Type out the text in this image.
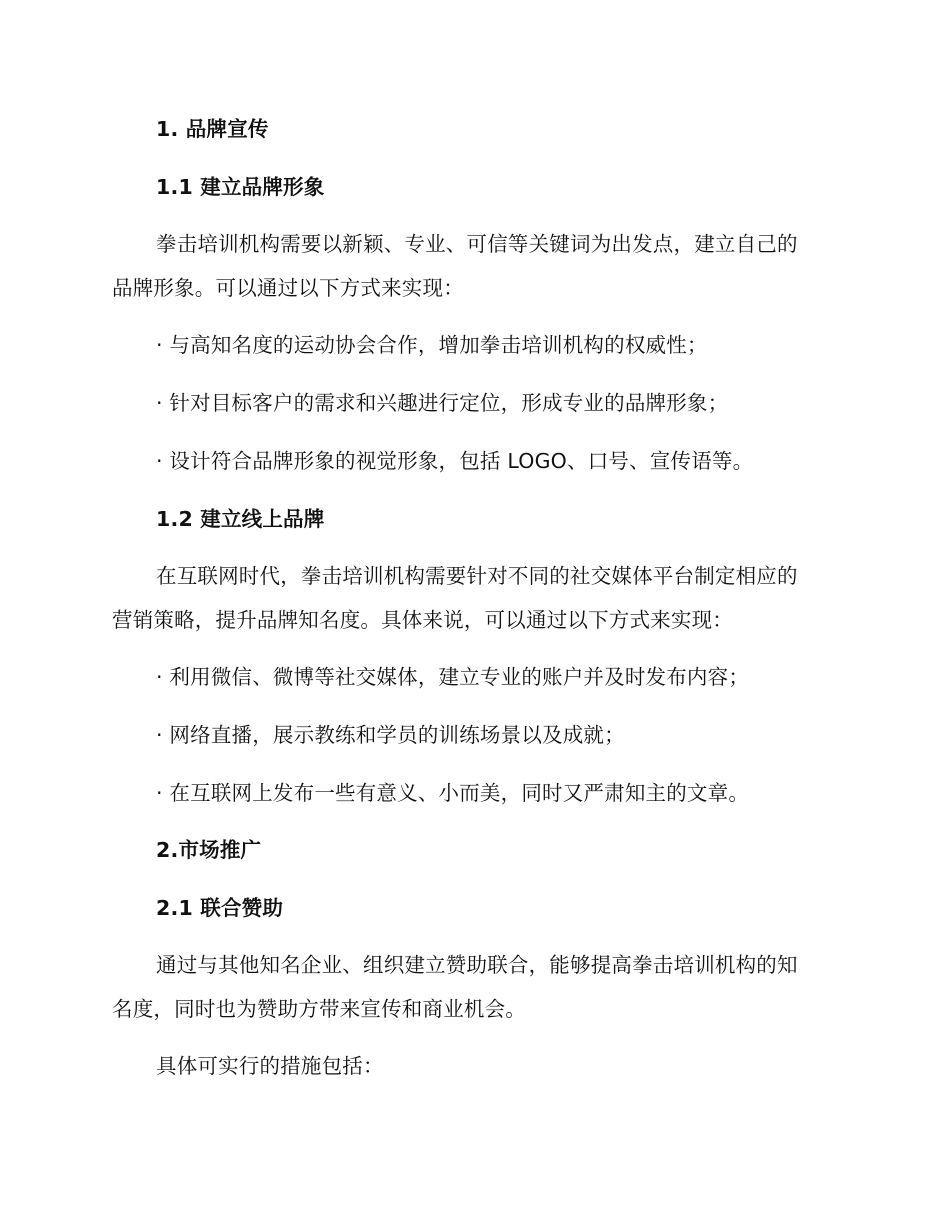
1. 品牌宣传
1.1 建立品牌形象
拳击培训机构需要以新颖、专业、可信等关键词为出发点，建立自己的
品牌形象。可以通过以下方式来实现：
· 与高知名度的运动协会合作，增加拳击培训机构的权威性；
· 针对目标客户的需求和兴趣进行定位，形成专业的品牌形象；
· 设计符合品牌形象的视觉形象，包括 LOGO、口号、宣传语等。
1.2 建立线上品牌
在互联网时代，拳击培训机构需要针对不同的社交媒体平台制定相应的
营销策略，提升品牌知名度。具体来说，可以通过以下方式来实现：
· 利用微信、微博等社交媒体，建立专业的账户并及时发布内容；
· 网络直播，展示教练和学员的训练场景以及成就；
· 在互联网上发布一些有意义、小而美，同时又严肃知主的文章。
2.市场推广
2.1 联合赞助
通过与其他知名企业、组织建立赞助联合，能够提高拳击培训机构的知
名度，同时也为赞助方带来宣传和商业机会。
具体可实行的措施包括：
